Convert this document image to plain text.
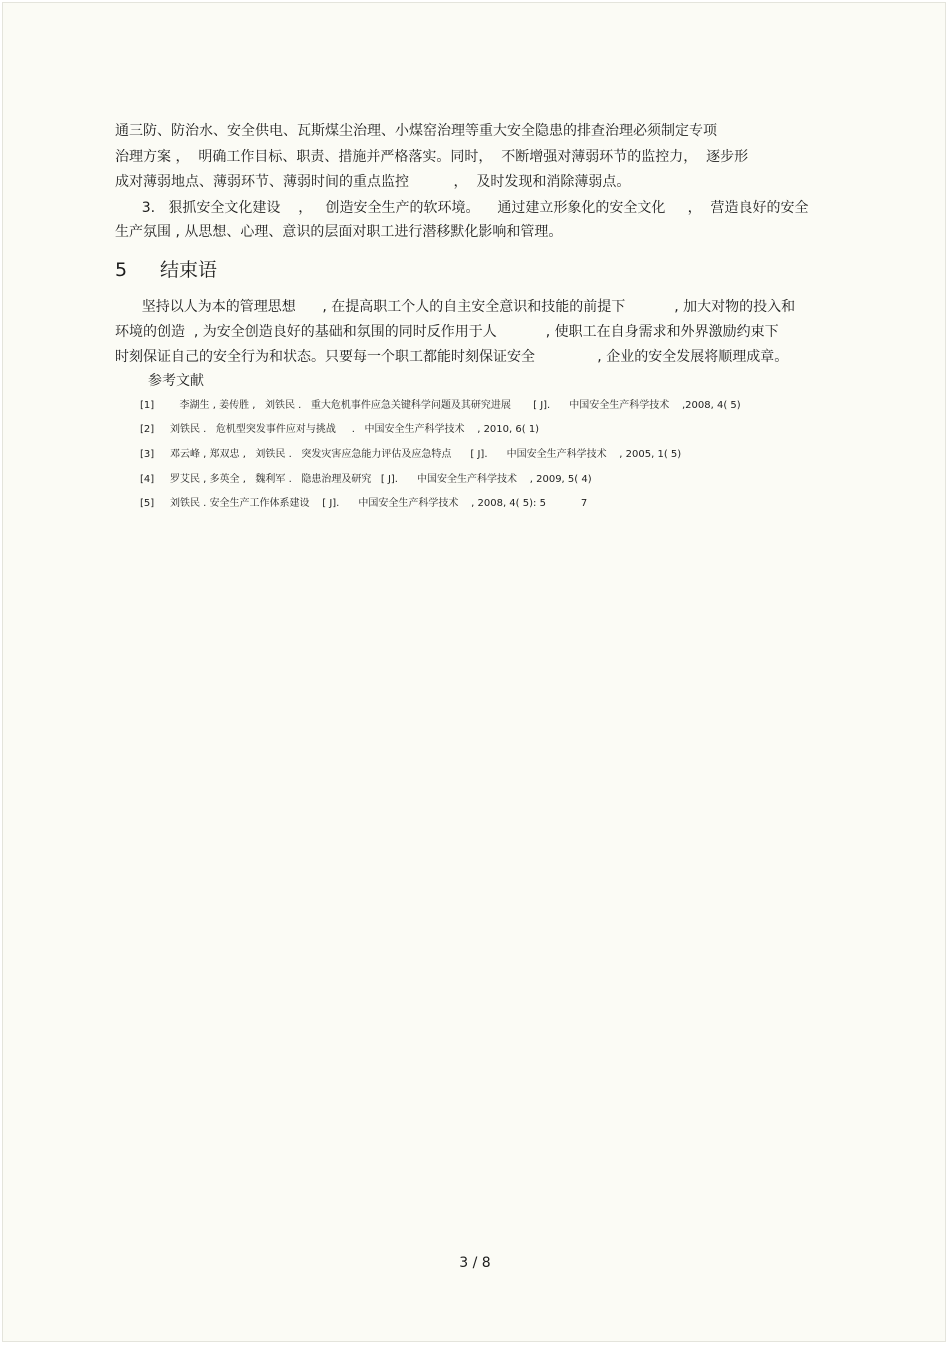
通三防、防治水、安全供电、瓦斯煤尘治理、小煤窑治理等重大安全隐患的排查治理必须制定专项
治理方案 ，  明确工作目标、职责、措施并严格落实。同时，  不断增强对薄弱环节的监控力，  逐步形
成对薄弱地点、薄弱环节、薄弱时间的重点监控          ，  及时发现和消除薄弱点。
3.   狠抓安全文化建设    ，   创造安全生产的软环境。    通过建立形象化的安全文化     ，  营造良好的安全
生产氛围 , 从思想、心理、意识的层面对职工进行潜移默化影响和管理。
5 结束语
坚持以人为本的管理思想      , 在提高职工个人的自主安全意识和技能的前提下           , 加大对物的投入和
环境的创造  , 为安全创造良好的基础和氛围的同时反作用于人           , 使职工在自身需求和外界激励约束下
时刻保证自己的安全行为和状态。只要每一个职工都能时刻保证安全              , 企业的安全发展将顺理成章。
参考文献
[1]   李湖生 , 姜传胜 ,   刘铁民 .   重大危机事件应急关键科学问题及其研究进展       [ J].      中国安全生产科学技术    ,2008, 4( 5)
[2] 刘铁民 .   危机型突发事件应对与挑战     .   中国安全生产科学技术    , 2010, 6( 1)
[3] 邓云峰 , 郑双忠 ,   刘铁民 .   突发灾害应急能力评估及应急特点      [ J].      中国安全生产科学技术    , 2005, 1( 5)
[4] 罗艾民 , 多英全 ,   魏利军 .   隐患治理及研究   [ J].      中国安全生产科学技术    , 2009, 5( 4)
[5] 刘铁民 . 安全生产工作体系建设    [ J].      中国安全生产科学技术    , 2008, 4( 5): 5           7
3 / 8
